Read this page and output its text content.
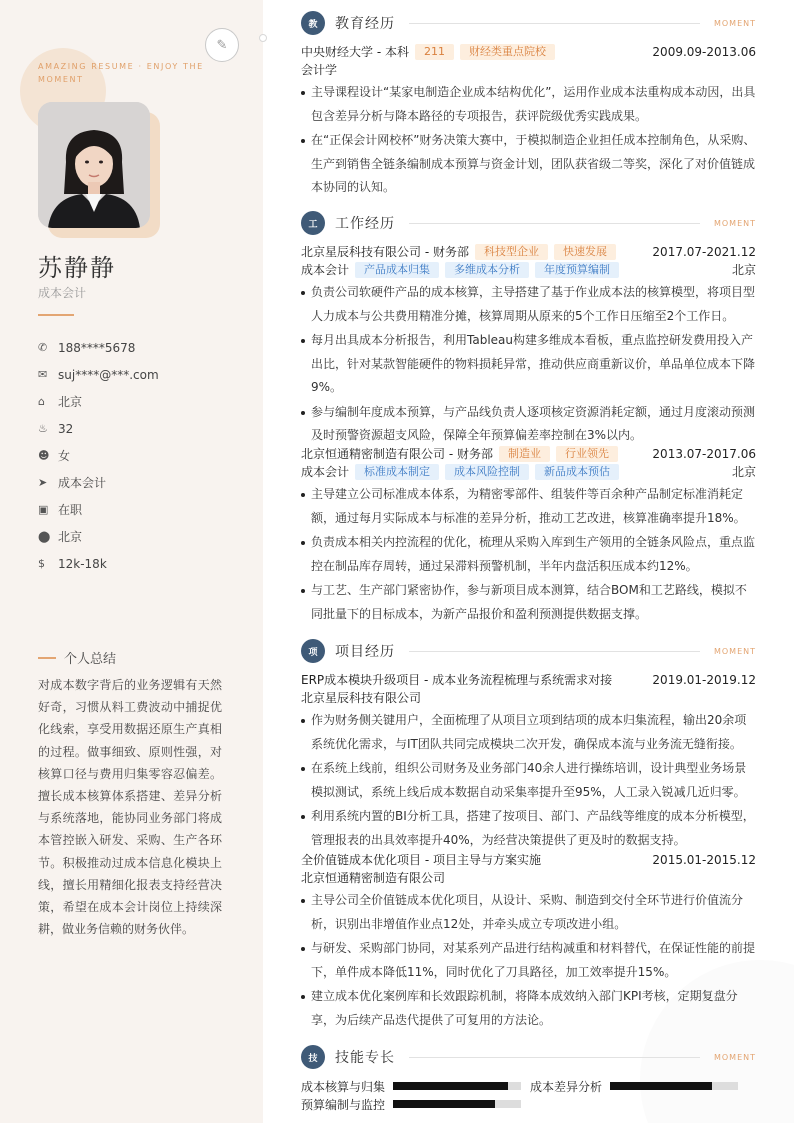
AMAZING RESUME · ENJOY THE MOMENT
苏静静
成本会计
✆ 188****5678
✉ suj****@***.com
⌂	北京
♨ 32
☻ 女
➤ 成本会计
▣ 在职
⬤ 北京
$	12k-18k
个人总结
对成本数字背后的业务逻辑有天然好奇，习惯从料工费波动中捕捉优化线索，享受用数据还原生产真相的过程。做事细致、原则性强，对核算口径与费用归集零容忍偏差。擅长成本核算体系搭建、差异分析与系统落地，能协同业务部门将成本管控嵌入研发、采购、生产各环节。积极推动过成本信息化模块上线，擅长用精细化报表支持经营决策，希望在成本会计岗位上持续深耕，做业务信赖的财务伙伴。
✎
教	教育经历	MOMENT
中央财经大学 - 本科	211	财经类重点院校	2009.09-2013.06
会计学
主导课程设计“某家电制造企业成本结构优化”，运用作业成本法重构成本动因，出具包含差异分析与降本路径的专项报告，获评院级优秀实践成果。
在“正保会计网校杯”财务决策大赛中，于模拟制造企业担任成本控制角色，从采购、生产到销售全链条编制成本预算与资金计划，团队获省级二等奖，深化了对价值链成本协同的认知。
工	工作经历	MOMENT
北京星辰科技有限公司 - 财务部	科技型企业	快速发展	2017.07-2021.12
成本会计	产品成本归集	多维成本分析	年度预算编制	北京
负责公司软硬件产品的成本核算，主导搭建了基于作业成本法的核算模型，将项目型人力成本与公共费用精准分摊，核算周期从原来的5个工作日压缩至2个工作日。
每月出具成本分析报告，利用Tableau构建多维成本看板，重点监控研发费用投入产出比，针对某款智能硬件的物料损耗异常，推动供应商重新议价，单品单位成本下降9%。
参与编制年度成本预算，与产品线负责人逐项核定资源消耗定额，通过月度滚动预测及时预警资源超支风险，保障全年预算偏差率控制在3%以内。
北京恒通精密制造有限公司 - 财务部	制造业	行业领先	2013.07-2017.06
成本会计	标准成本制定	成本风险控制	新品成本预估	北京
主导建立公司标准成本体系，为精密零部件、组装件等百余种产品制定标准消耗定额，通过每月实际成本与标准的差异分析，推动工艺改进，核算准确率提升18%。
负责成本相关内控流程的优化，梳理从采购入库到生产领用的全链条风险点，重点监控在制品库存周转，通过呆滞料预警机制，半年内盘活积压成本约12%。
与工艺、生产部门紧密协作，参与新项目成本测算，结合BOM和工艺路线，模拟不同批量下的目标成本，为新产品报价和盈利预测提供数据支撑。
项	项目经历	MOMENT
ERP成本模块升级项目 - 成本业务流程梳理与系统需求对接	2019.01-2019.12
北京星辰科技有限公司
作为财务侧关键用户，全面梳理了从项目立项到结项的成本归集流程，输出20余项系统优化需求，与IT团队共同完成模块二次开发，确保成本流与业务流无缝衔接。
在系统上线前，组织公司财务及业务部门40余人进行操练培训，设计典型业务场景模拟测试，系统上线后成本数据自动采集率提升至95%，人工录入锐减几近归零。
利用系统内置的BI分析工具，搭建了按项目、部门、产品线等维度的成本分析模型，管理报表的出具效率提升40%，为经营决策提供了更及时的数据支持。
全价值链成本优化项目 - 项目主导与方案实施	2015.01-2015.12
北京恒通精密制造有限公司
主导公司全价值链成本优化项目，从设计、采购、制造到交付全环节进行价值流分析，识别出非增值作业点12处，并牵头成立专项改进小组。
与研发、采购部门协同，对某系列产品进行结构减重和材料替代，在保证性能的前提下，单件成本降低11%，同时优化了刀具路径，加工效率提升15%。
建立成本优化案例库和长效跟踪机制，将降本成效纳入部门KPI考核，定期复盘分享，为后续产品迭代提供了可复用的方法论。
技	技能专长	MOMENT
成本核算与归集	成本差异分析
预算编制与监控
